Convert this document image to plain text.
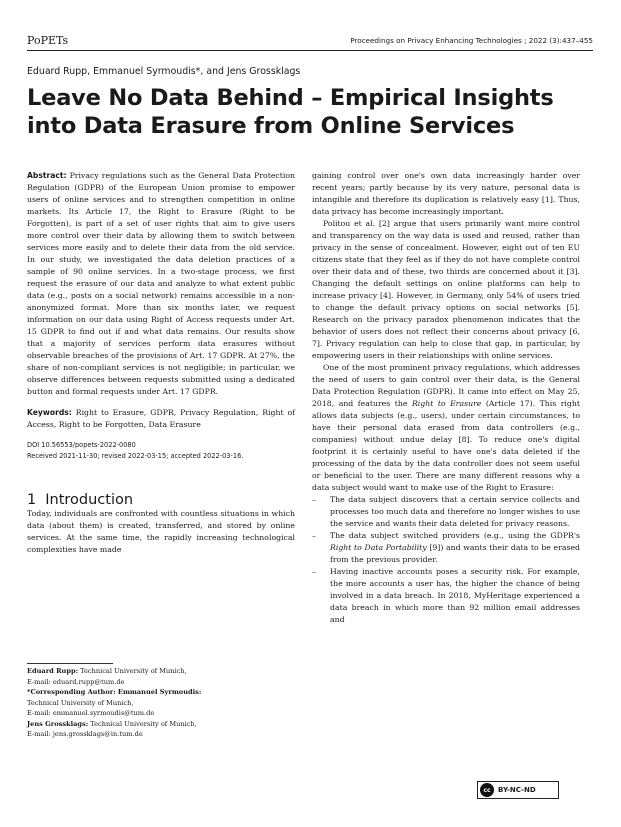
PoPETs	Proceedings on Privacy Enhancing Technologies ; 2022 (3):437–455
Eduard Rupp, Emmanuel Syrmoudis*, and Jens Grossklags
Leave No Data Behind – Empirical Insights into Data Erasure from Online Services

Abstract: Privacy regulations such as the General Data Protection Regulation (GDPR) of the European Union promise to empower users of online services and to strengthen competition in online markets. Its Article 17, the Right to Erasure (Right to be Forgotten), is part of a set of user rights that aim to give users more control over their data by allowing them to switch between services more easily and to delete their data from the old service. In our study, we investigated the data deletion practices of a sample of 90 online services. In a two-stage process, we first request the erasure of our data and analyze to what extent public data (e.g., posts on a social network) remains accessible in a non-anonymized format. More than six months later, we request information on our data using Right of Access requests under Art. 15 GDPR to find out if and what data remains. Our results show that a majority of services perform data erasures without observable breaches of the provisions of Art. 17 GDPR. At 27%, the share of non-compliant services is not negligible; in particular, we observe differences between requests submitted using a dedicated button and formal requests under Art. 17 GDPR.

Keywords: Right to Erasure, GDPR, Privacy Regulation, Right of Access, Right to be Forgotten, Data Erasure

DOI 10.56553/popets-2022-0080
Received 2021-11-30; revised 2022-03-15; accepted 2022-03-16.
1 Introduction

Today, individuals are confronted with countless situations in which data (about them) is created, transferred, and stored by online services. At the same time, the rapidly increasing technological complexities have made

Eduard Rupp: Technical University of Munich,

E-mail: eduard.rupp@tum.de

*Corresponding Author: Emmanuel Syrmoudis:

Technical University of Munich,

E-mail: emmanuel.syrmoudis@tum.de

Jens Grossklags: Technical University of Munich,

E-mail: jens.grossklags@in.tum.de

gaining control over one's own data increasingly harder over recent years; partly because by its very nature, personal data is intangible and therefore its duplication is relatively easy [1]. Thus, data privacy has become increasingly important.

Politou et al. [2] argue that users primarily want more control and transparency on the way data is used and reused, rather than privacy in the sense of concealment. However, eight out of ten EU citizens state that they feel as if they do not have complete control over their data and of these, two thirds are concerned about it [3]. Changing the default settings on online platforms can help to increase privacy [4]. However, in Germany, only 54% of users tried to change the default privacy options on social networks [5]. Research on the privacy paradox phenomenon indicates that the behavior of users does not reflect their concerns about privacy [6, 7]. Privacy regulation can help to close that gap, in particular, by empowering users in their relationships with online services.

One of the most prominent privacy regulations, which addresses the need of users to gain control over their data, is the General Data Protection Regulation (GDPR). It came into effect on May 25, 2018, and features the Right to Erasure (Article 17). This right allows data subjects (e.g., users), under certain circumstances, to have their personal data erased from data controllers (e.g., companies) without undue delay [8]. To reduce one's digital footprint it is certainly useful to have one's data deleted if the processing of the data by the data controller does not seem useful or beneficial to the user. There are many different reasons why a data subject would want to make use of the Right to Erasure:

– The data subject discovers that a certain service collects and processes too much data and therefore no longer wishes to use the service and wants their data deleted for privacy reasons.

– The data subject switched providers (e.g., using the GDPR's Right to Data Portability [9]) and wants their data to be erased from the previous provider.

– Having inactive accounts poses a security risk. For example, the more accounts a user has, the higher the chance of being involved in a data breach. In 2018, MyHeritage experienced a data breach in which more than 92 million email addresses and

cc	BY-NC-ND
